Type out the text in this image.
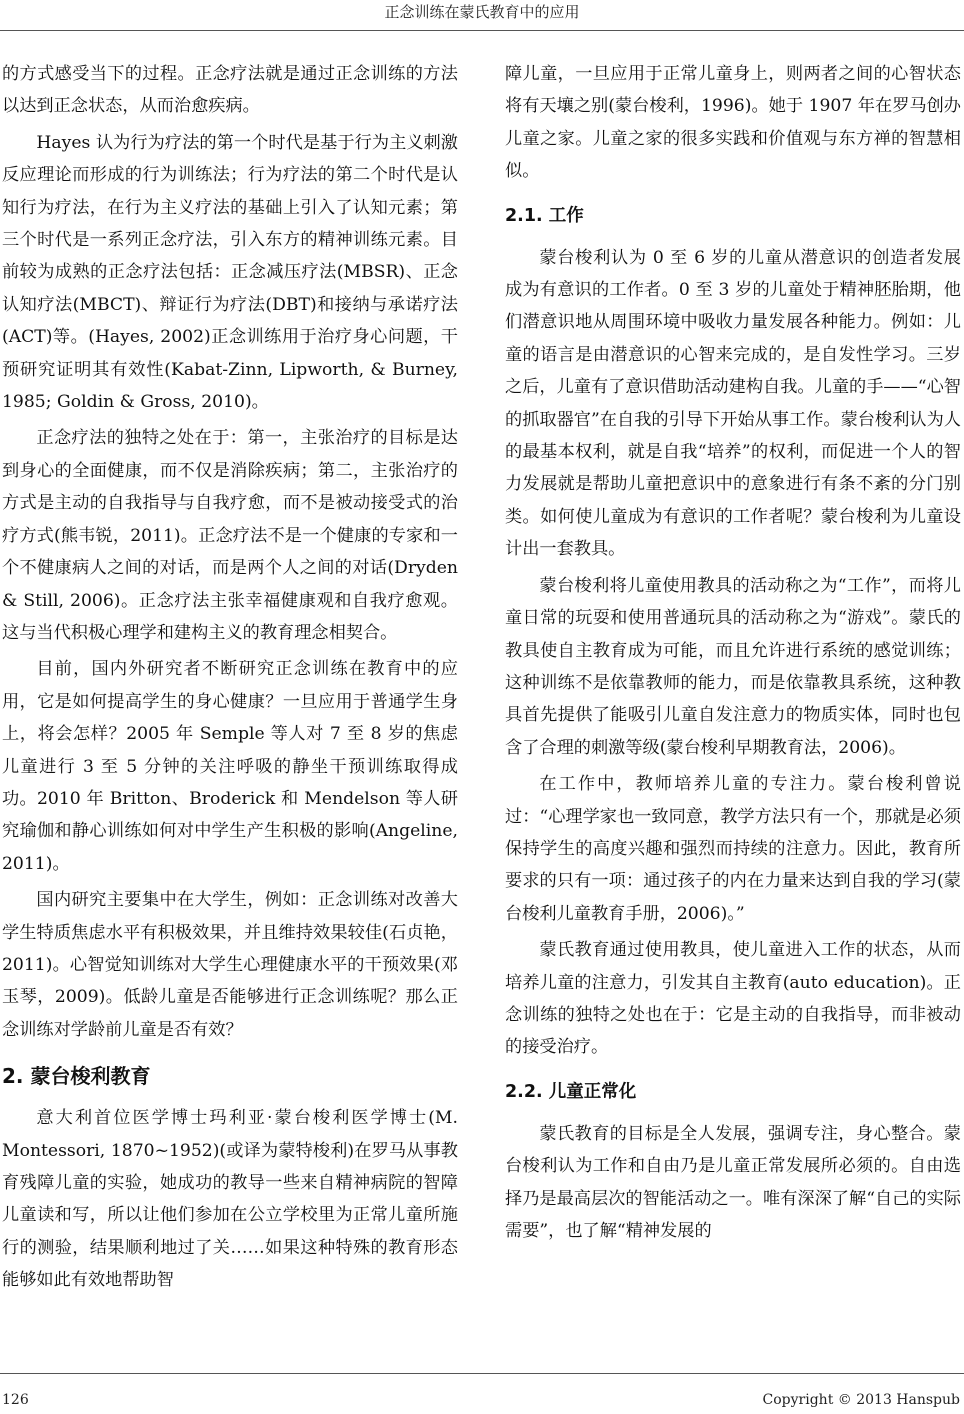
正念训练在蒙氏教育中的应用

的方式感受当下的过程。正念疗法就是通过正念训练的方法以达到正念状态，从而治愈疾病。

Hayes 认为行为疗法的第一个时代是基于行为主义刺激反应理论而形成的行为训练法；行为疗法的第二个时代是认知行为疗法，在行为主义疗法的基础上引入了认知元素；第三个时代是一系列正念疗法，引入东方的精神训练元素。目前较为成熟的正念疗法包括：正念减压疗法(MBSR)、正念认知疗法(MBCT)、辩证行为疗法(DBT)和接纳与承诺疗法(ACT)等。(Hayes, 2002)正念训练用于治疗身心问题，干预研究证明其有效性(Kabat-Zinn, Lipworth, & Burney, 1985; Goldin & Gross, 2010)。

正念疗法的独特之处在于：第一，主张治疗的目标是达到身心的全面健康，而不仅是消除疾病；第二，主张治疗的方式是主动的自我指导与自我疗愈，而不是被动接受式的治疗方式(熊韦锐，2011)。正念疗法不是一个健康的专家和一个不健康病人之间的对话，而是两个人之间的对话(Dryden & Still, 2006)。正念疗法主张幸福健康观和自我疗愈观。这与当代积极心理学和建构主义的教育理念相契合。

目前，国内外研究者不断研究正念训练在教育中的应用，它是如何提高学生的身心健康？一旦应用于普通学生身上，将会怎样？2005 年 Semple 等人对 7 至 8 岁的焦虑儿童进行 3 至 5 分钟的关注呼吸的静坐干预训练取得成功。2010 年 Britton、Broderick 和 Mendelson 等人研究瑜伽和静心训练如何对中学生产生积极的影响(Angeline, 2011)。

国内研究主要集中在大学生，例如：正念训练对改善大学生特质焦虑水平有积极效果，并且维持效果较佳(石贞艳，2011)。心智觉知训练对大学生心理健康水平的干预效果(邓玉琴，2009)。低龄儿童是否能够进行正念训练呢？那么正念训练对学龄前儿童是否有效？

2. 蒙台梭利教育

意大利首位医学博士玛利亚·蒙台梭利医学博士(M. Montessori, 1870~1952)(或译为蒙特梭利)在罗马从事教育残障儿童的实验，她成功的教导一些来自精神病院的智障儿童读和写，所以让他们参加在公立学校里为正常儿童所施行的测验，结果顺利地过了关……如果这种特殊的教育形态能够如此有效地帮助智

障儿童，一旦应用于正常儿童身上，则两者之间的心智状态将有天壤之别(蒙台梭利，1996)。她于 1907 年在罗马创办儿童之家。儿童之家的很多实践和价值观与东方禅的智慧相似。

2.1. 工作

蒙台梭利认为 0 至 6 岁的儿童从潜意识的创造者发展成为有意识的工作者。0 至 3 岁的儿童处于精神胚胎期，他们潜意识地从周围环境中吸收力量发展各种能力。例如：儿童的语言是由潜意识的心智来完成的，是自发性学习。三岁之后，儿童有了意识借助活动建构自我。儿童的手——“心智的抓取器官”在自我的引导下开始从事工作。蒙台梭利认为人的最基本权利，就是自我“培养”的权利，而促进一个人的智力发展就是帮助儿童把意识中的意象进行有条不紊的分门别类。如何使儿童成为有意识的工作者呢？蒙台梭利为儿童设计出一套教具。

蒙台梭利将儿童使用教具的活动称之为“工作”，而将儿童日常的玩耍和使用普通玩具的活动称之为“游戏”。蒙氏的教具使自主教育成为可能，而且允许进行系统的感觉训练；这种训练不是依靠教师的能力，而是依靠教具系统，这种教具首先提供了能吸引儿童自发注意力的物质实体，同时也包含了合理的刺激等级(蒙台梭利早期教育法，2006)。

在工作中，教师培养儿童的专注力。蒙台梭利曾说过：“心理学家也一致同意，教学方法只有一个，那就是必须保持学生的高度兴趣和强烈而持续的注意力。因此，教育所要求的只有一项：通过孩子的内在力量来达到自我的学习(蒙台梭利儿童教育手册，2006)。”

蒙氏教育通过使用教具，使儿童进入工作的状态，从而培养儿童的注意力，引发其自主教育(auto education)。正念训练的独特之处也在于：它是主动的自我指导，而非被动的接受治疗。

2.2. 儿童正常化

蒙氏教育的目标是全人发展，强调专注，身心整合。蒙台梭利认为工作和自由乃是儿童正常发展所必须的。自由选择乃是最高层次的智能活动之一。唯有深深了解“自己的实际需要”，也了解“精神发展的

126	Copyright © 2013 Hanspub
